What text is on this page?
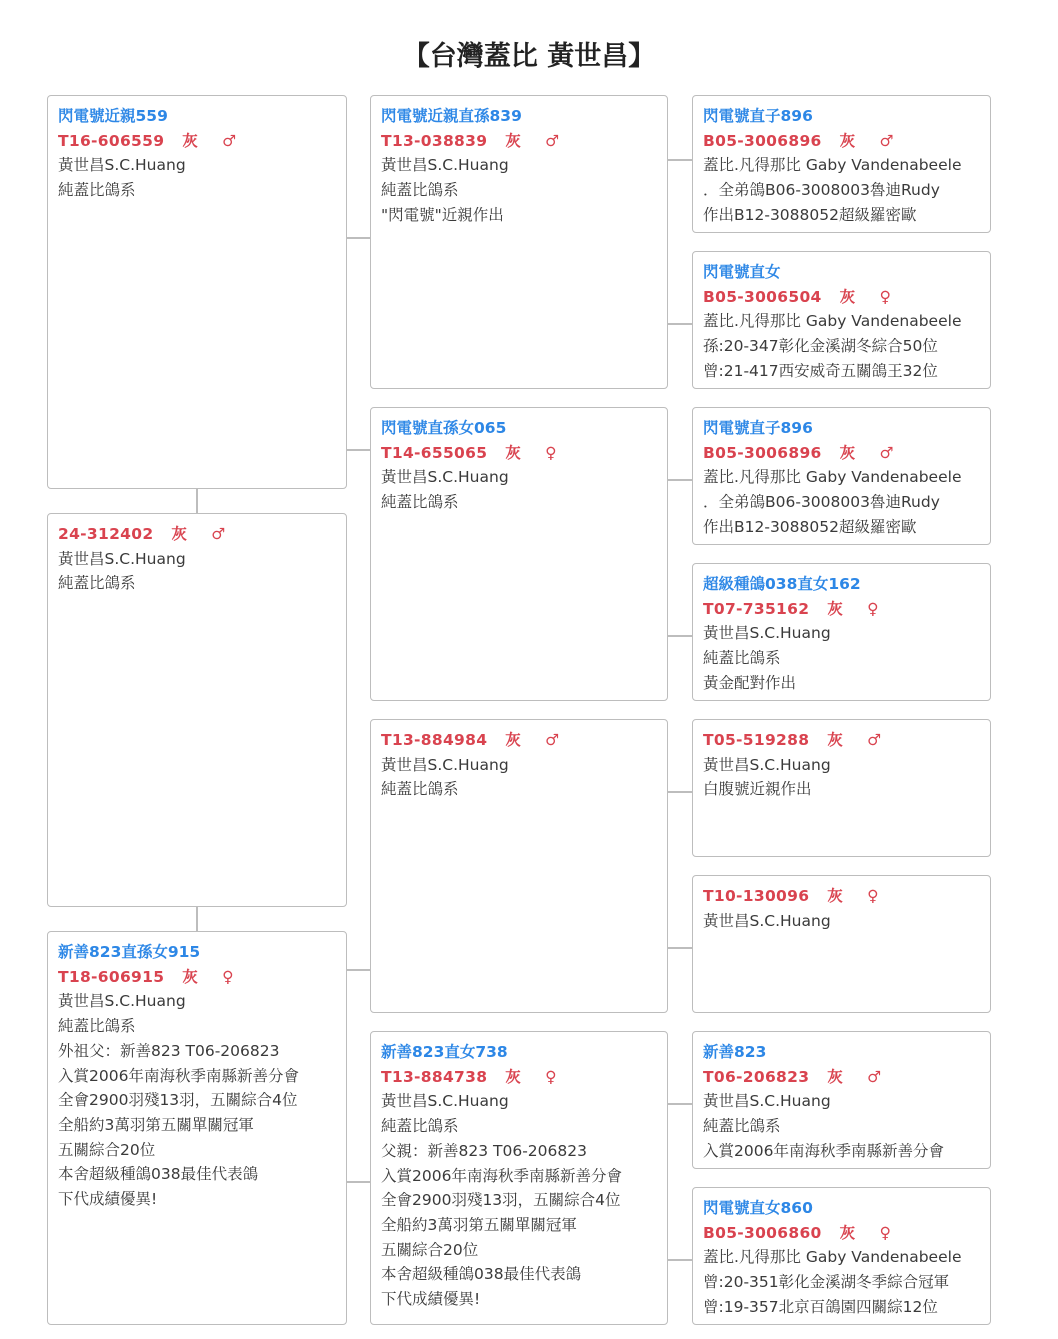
【台灣蓋比 黃世昌】
閃電號近親559
T16-606559 灰 ♂
黃世昌S.C.Huang
純蓋比鴿系
24-312402 灰 ♂
黃世昌S.C.Huang
純蓋比鴿系
新善823直孫女915
T18-606915 灰 ♀
黃世昌S.C.Huang
純蓋比鴿系
外祖父：新善823 T06-206823
入賞2006年南海秋季南縣新善分會
全會2900羽殘13羽，五關綜合4位
全船約3萬羽第五關單關冠軍
五關綜合20位
本舍超級種鴿038最佳代表鴿
下代成績優異!
閃電號近親直孫839
T13-038839 灰 ♂
黃世昌S.C.Huang
純蓋比鴿系
"閃電號"近親作出
閃電號直孫女065
T14-655065 灰 ♀
黃世昌S.C.Huang
純蓋比鴿系
T13-884984 灰 ♂
黃世昌S.C.Huang
純蓋比鴿系
新善823直女738
T13-884738 灰 ♀
黃世昌S.C.Huang
純蓋比鴿系
父親：新善823 T06-206823
入賞2006年南海秋季南縣新善分會
全會2900羽殘13羽，五關綜合4位
全船約3萬羽第五關單關冠軍
五關綜合20位
本舍超級種鴿038最佳代表鴿
下代成績優異!
閃電號直子896
B05-3006896 灰 ♂
蓋比.凡得那比 Gaby Vandenabeele
．全弟鴿B06-3008003魯迪Rudy
作出B12-3088052超級羅密歐
閃電號直女
B05-3006504 灰 ♀
蓋比.凡得那比 Gaby Vandenabeele
孫:20-347彰化金溪湖冬綜合50位
曾:21-417西安威奇五關鴿王32位
閃電號直子896
B05-3006896 灰 ♂
蓋比.凡得那比 Gaby Vandenabeele
．全弟鴿B06-3008003魯迪Rudy
作出B12-3088052超級羅密歐
超級種鴿038直女162
T07-735162 灰 ♀
黃世昌S.C.Huang
純蓋比鴿系
黃金配對作出
T05-519288 灰 ♂
黃世昌S.C.Huang
白腹號近親作出
T10-130096 灰 ♀
黃世昌S.C.Huang
新善823
T06-206823 灰 ♂
黃世昌S.C.Huang
純蓋比鴿系
入賞2006年南海秋季南縣新善分會
閃電號直女860
B05-3006860 灰 ♀
蓋比.凡得那比 Gaby Vandenabeele
曾:20-351彰化金溪湖冬季綜合冠軍
曾:19-357北京百鴿園四關綜12位
